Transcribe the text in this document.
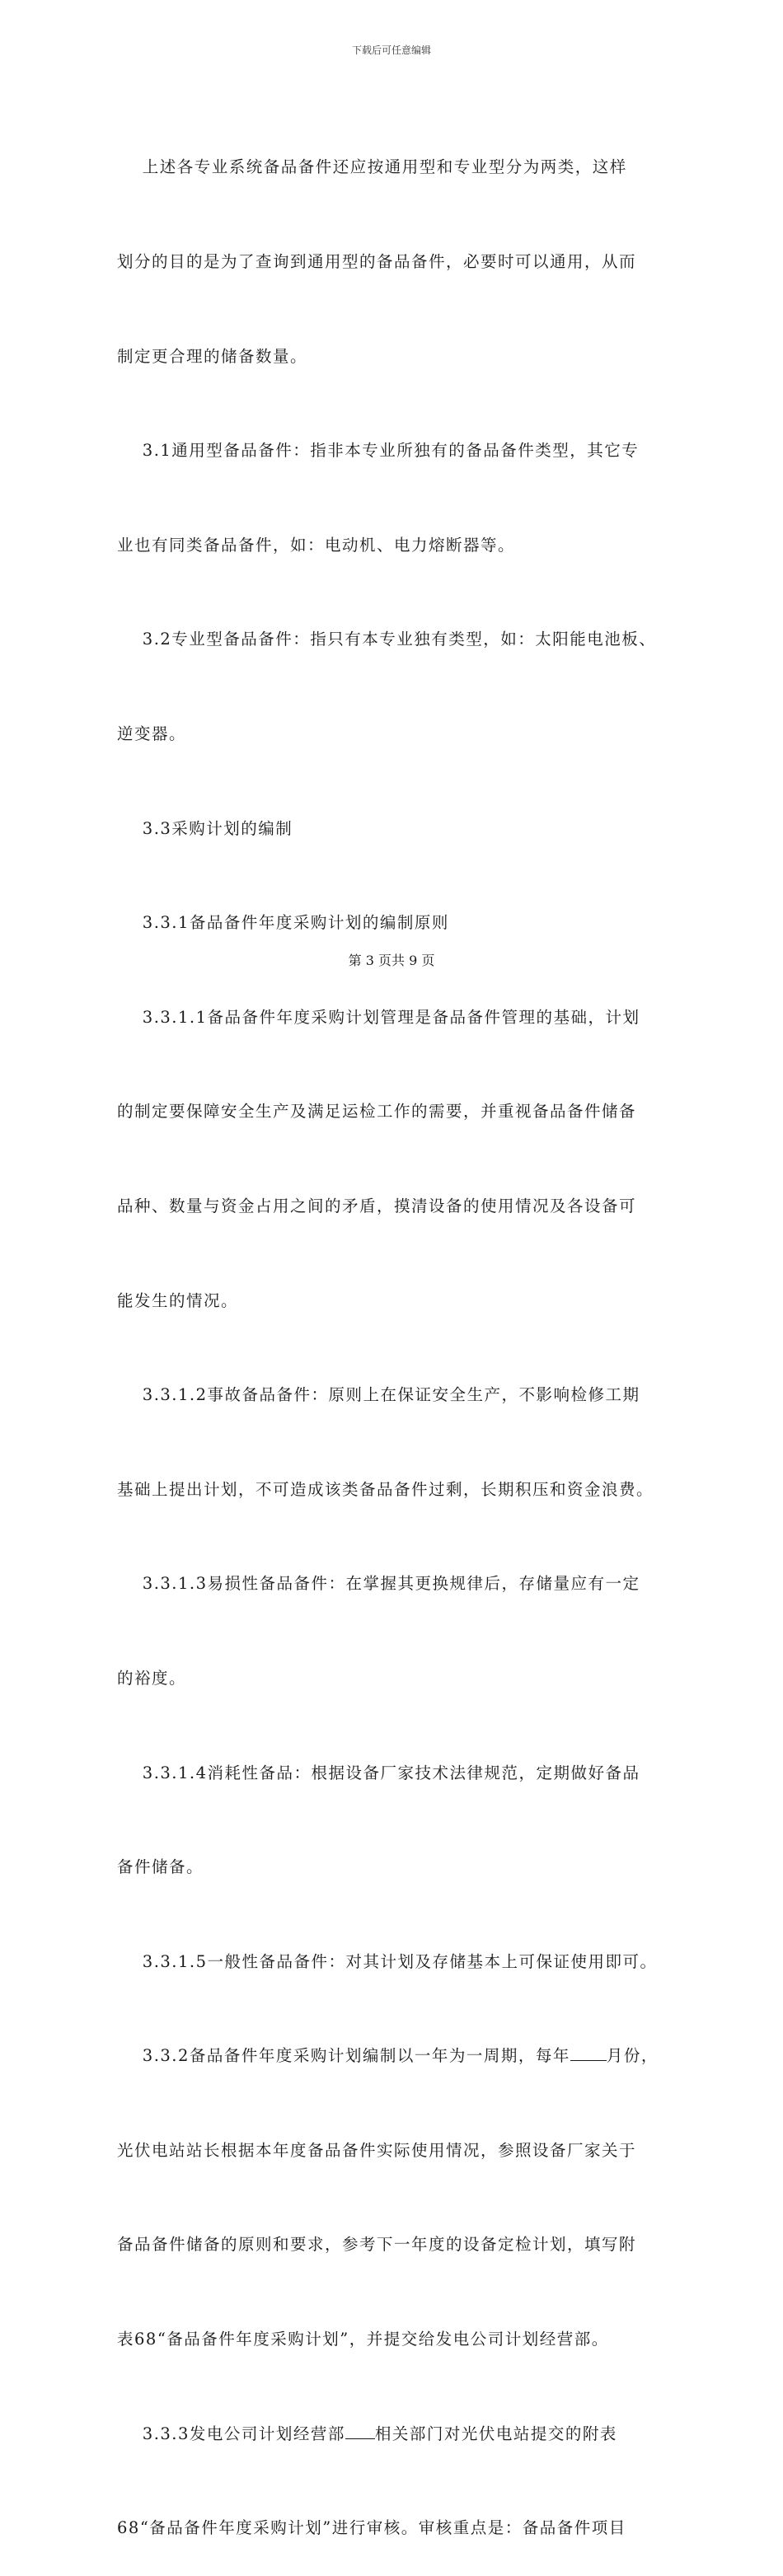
下载后可任意编辑

上述各专业系统备品备件还应按通用型和专业型分为两类，这样

划分的目的是为了查询到通用型的备品备件，必要时可以通用，从而

制定更合理的储备数量。

3.1通用型备品备件：指非本专业所独有的备品备件类型，其它专

业也有同类备品备件，如：电动机、电力熔断器等。

3.2专业型备品备件：指只有本专业独有类型，如：太阳能电池板、

逆变器。

3.3采购计划的编制

3.3.1备品备件年度采购计划的编制原则

3.3.1.1备品备件年度采购计划管理是备品备件管理的基础，计划

的制定要保障安全生产及满足运检工作的需要，并重视备品备件储备

品种、数量与资金占用之间的矛盾，摸清设备的使用情况及各设备可

能发生的情况。

3.3.1.2事故备品备件：原则上在保证安全生产，不影响检修工期

基础上提出计划，不可造成该类备品备件过剩，长期积压和资金浪费。

3.3.1.3易损性备品备件：在掌握其更换规律后，存储量应有一定

的裕度。

3.3.1.4消耗性备品：根据设备厂家技术法律规范，定期做好备品

备件储备。

3.3.1.5一般性备品备件：对其计划及存储基本上可保证使用即可。

3.3.2备品备件年度采购计划编制以一年为一周期，每年 月份，

光伏电站站长根据本年度备品备件实际使用情况，参照设备厂家关于

备品备件储备的原则和要求，参考下一年度的设备定检计划，填写附

表68“备品备件年度采购计划”，并提交给发电公司计划经营部。

3.3.3发电公司计划经营部 相关部门对光伏电站提交的附表

68“备品备件年度采购计划”进行审核。审核重点是：备品备件项目

第 3 页共 9 页
